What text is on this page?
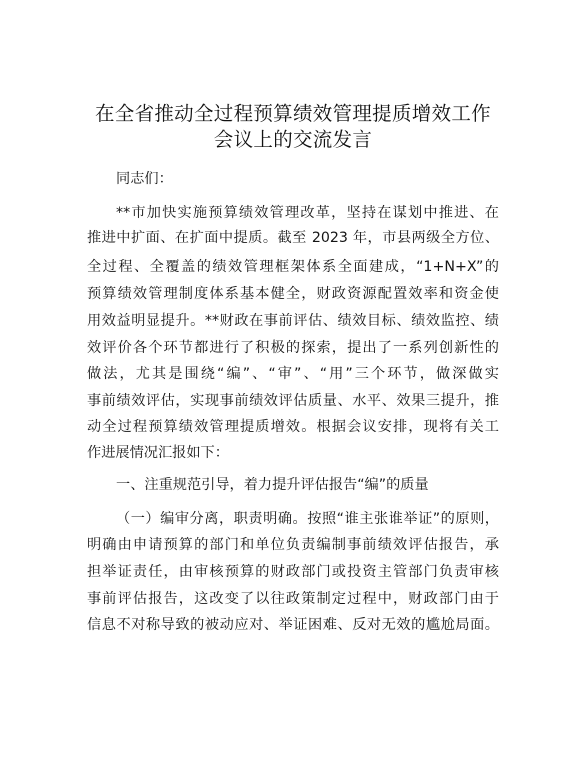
在全省推动全过程预算绩效管理提质增效工作
会议上的交流发言
同志们：
**市加快实施预算绩效管理改革，坚持在谋划中推进、在
推进中扩面、在扩面中提质。截至 2023 年，市县两级全方位、
全过程、全覆盖的绩效管理框架体系全面建成，“1+N+X”的
预算绩效管理制度体系基本健全，财政资源配置效率和资金使
用效益明显提升。**财政在事前评估、绩效目标、绩效监控、绩
效评价各个环节都进行了积极的探索，提出了一系列创新性的
做法，尤其是围绕“编”、“审”、“用”三个环节，做深做实
事前绩效评估，实现事前绩效评估质量、水平、效果三提升，推
动全过程预算绩效管理提质增效。根据会议安排，现将有关工
作进展情况汇报如下：
一、注重规范引导，着力提升评估报告“编”的质量
（一）编审分离，职责明确。按照“谁主张谁举证”的原则，
明确由申请预算的部门和单位负责编制事前绩效评估报告，承
担举证责任，由审核预算的财政部门或投资主管部门负责审核
事前评估报告，这改变了以往政策制定过程中，财政部门由于
信息不对称导致的被动应对、举证困难、反对无效的尴尬局面。
